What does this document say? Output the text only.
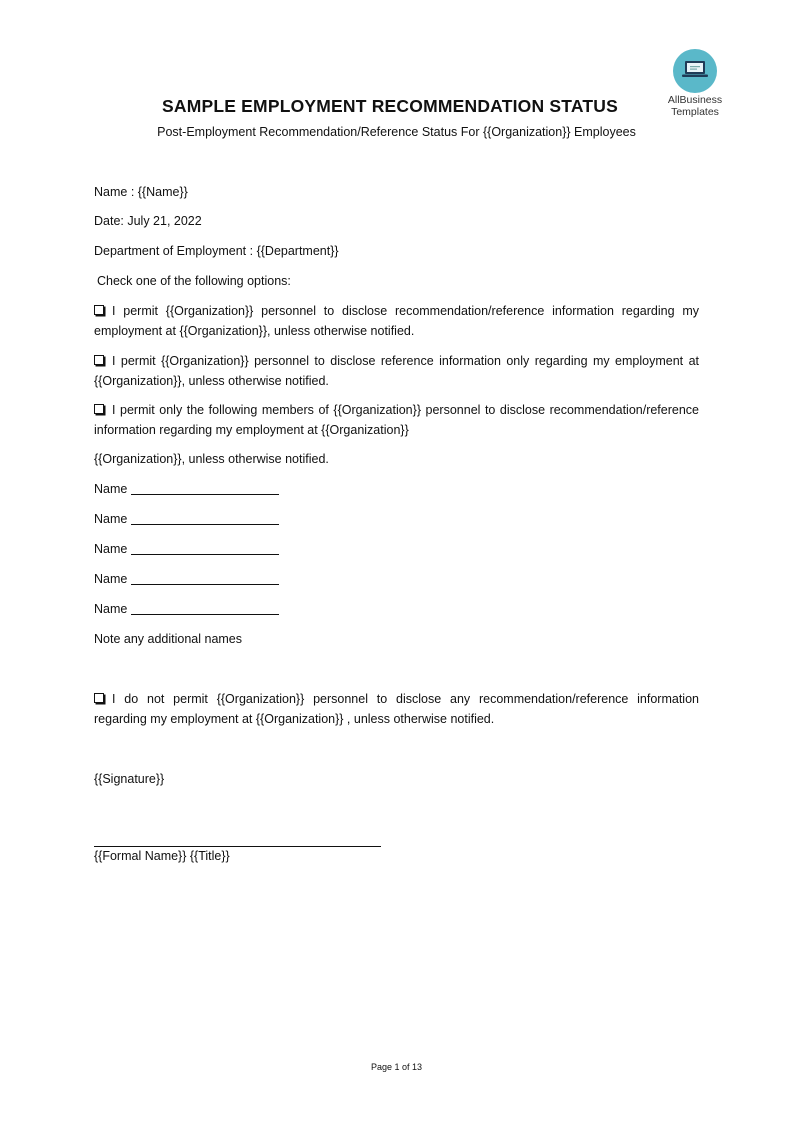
AllBusiness
Templates
SAMPLE EMPLOYMENT RECOMMENDATION STATUS
Post-Employment Recommendation/Reference Status For {{Organization}} Employees
Name : {{Name}}
Date: July 21, 2022
Department of Employment : {{Department}}
Check one of the following options:
I permit {{Organization}} personnel to disclose recommendation/reference information regarding my employment at {{Organization}}, unless otherwise notified.
I permit {{Organization}} personnel to disclose reference information only regarding my employment at {{Organization}}, unless otherwise notified.
I permit only the following members of {{Organization}} personnel to disclose recommendation/reference information regarding my employment at {{Organization}}
{{Organization}}, unless otherwise notified.
Name
Name
Name
Name
Name
Note any additional names
I do not permit {{Organization}} personnel to disclose any recommendation/reference information regarding my employment at {{Organization}} , unless otherwise notified.
{{Signature}}
{{Formal Name}} {{Title}}
Page 1 of 13
